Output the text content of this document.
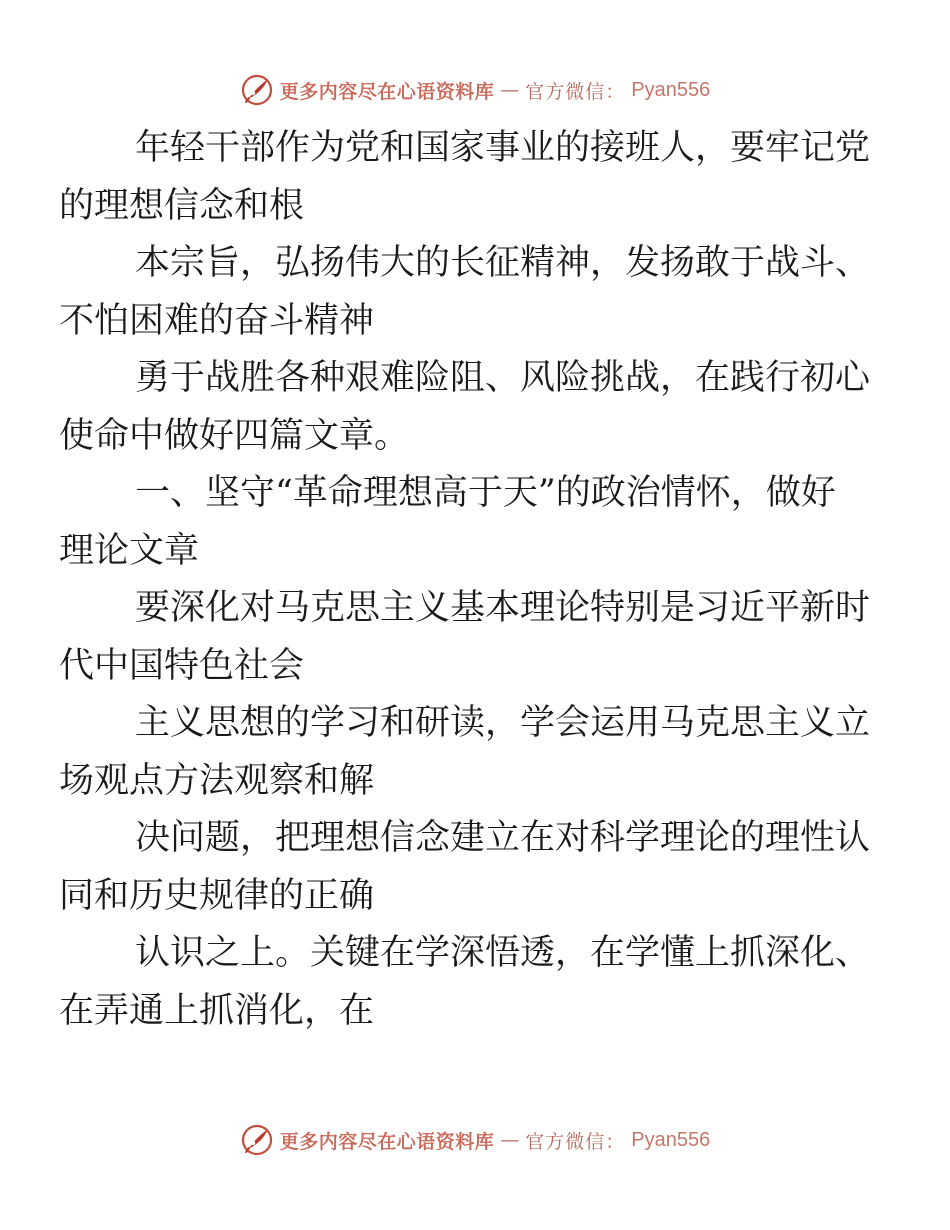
更多内容尽在心语资料库 — 官方微信： Pyan556

年轻干部作为党和国家事业的接班人，要牢记党
的理想信念和根

本宗旨，弘扬伟大的长征精神，发扬敢于战斗、
不怕困难的奋斗精神

勇于战胜各种艰难险阻、风险挑战，在践行初心
使命中做好四篇文章。

一、坚守“革命理想高于天”的政治情怀，做好
理论文章

要深化对马克思主义基本理论特别是习近平新时
代中国特色社会

主义思想的学习和研读，学会运用马克思主义立
场观点方法观察和解

决问题，把理想信念建立在对科学理论的理性认
同和历史规律的正确

认识之上。关键在学深悟透，在学懂上抓深化、
在弄通上抓消化，在

更多内容尽在心语资料库 — 官方微信： Pyan556
